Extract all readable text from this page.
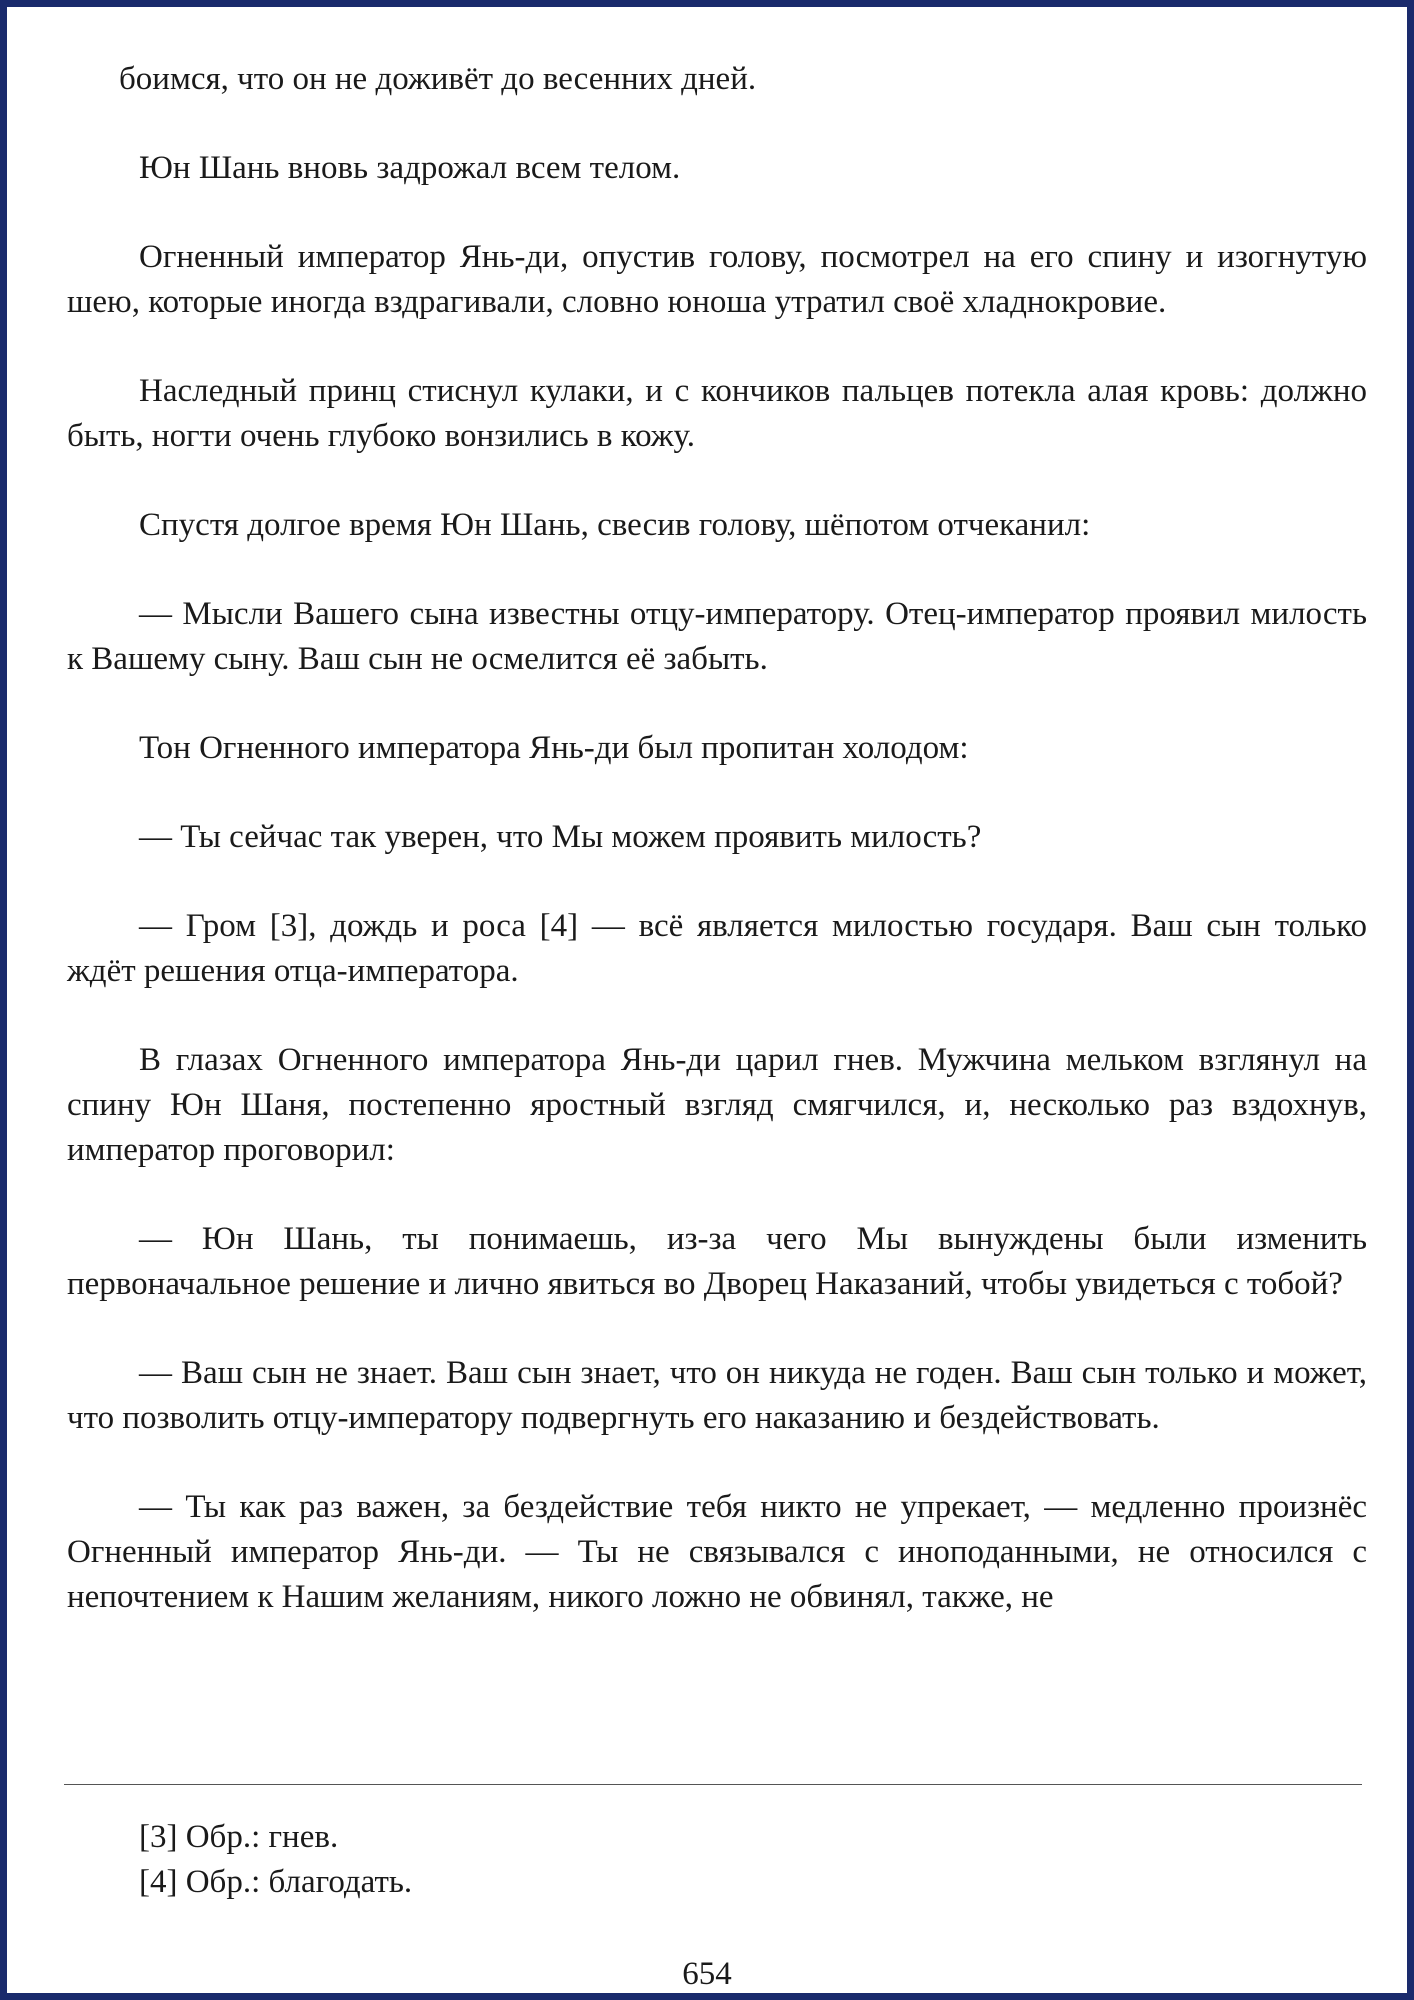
боимся, что он не доживёт до весенних дней.

Юн Шань вновь задрожал всем телом.

Огненный император Янь-ди, опустив голову, посмотрел на его спину и изогнутую шею, которые иногда вздрагивали, словно юноша утратил своё хладнокровие.

Наследный принц стиснул кулаки, и с кончиков пальцев потекла алая кровь: должно быть, ногти очень глубоко вонзились в кожу.

Спустя долгое время Юн Шань, свесив голову, шёпотом отчеканил:

— Мысли Вашего сына известны отцу-императору. Отец-император проявил милость к Вашему сыну. Ваш сын не осмелится её забыть.

Тон Огненного императора Янь-ди был пропитан холодом:

— Ты сейчас так уверен, что Мы можем проявить милость?

— Гром [3], дождь и роса [4] — всё является милостью государя. Ваш сын только ждёт решения отца-императора.

В глазах Огненного императора Янь-ди царил гнев. Мужчина мельком взглянул на спину Юн Шаня, постепенно яростный взгляд смягчился, и, несколько раз вздохнув, император проговорил:

— Юн Шань, ты понимаешь, из-за чего Мы вынуждены были изменить первоначальное решение и лично явиться во Дворец Наказаний, чтобы увидеться с тобой?

— Ваш сын не знает. Ваш сын знает, что он никуда не годен. Ваш сын только и может, что позволить отцу-императору подвергнуть его наказанию и бездействовать.

— Ты как раз важен, за бездействие тебя никто не упрекает, — медленно произнёс Огненный император Янь-ди. — Ты не связывался с иноподанными, не относился с непочтением к Нашим желаниям, никого ложно не обвинял, также, не

[3] Обр.: гнев.

[4] Обр.: благодать.

654
